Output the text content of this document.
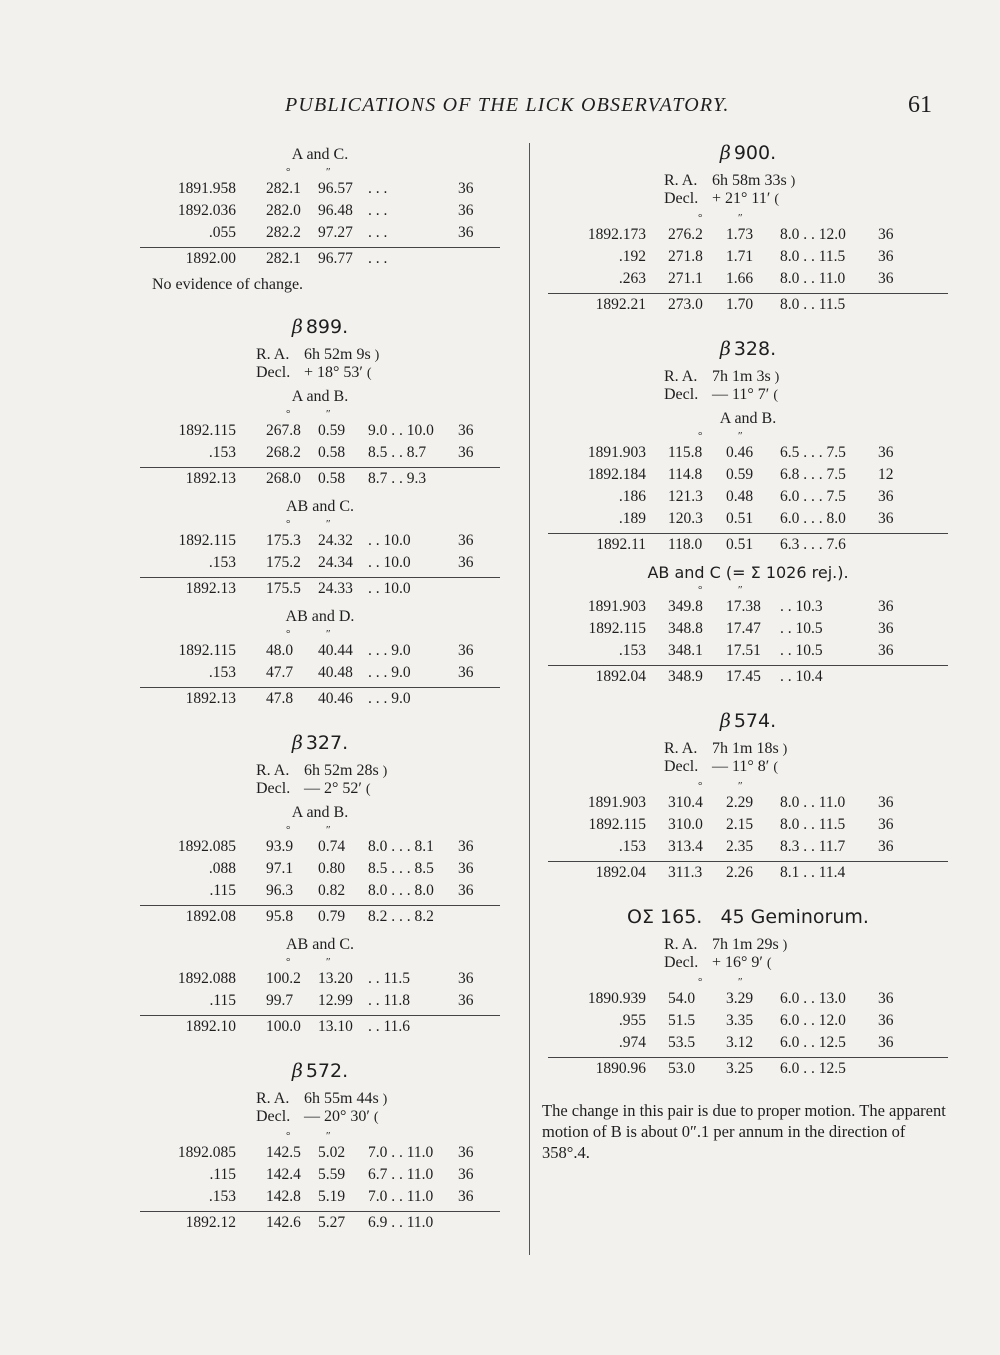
PUBLICATIONS OF THE LICK OBSERVATORY.	61
A and C.
°	″
1891.958 282.1 96.57 . . .	36
1892.036 282.0 96.48 . . .	36
.055 282.2 97.27 . . .	36
1892.00 282.1 96.77 . . .
No evidence of change.
β 899.
R. A. 6h 52m 9s )
Decl. + 18° 53′ (
A and B.
°	″
1892.115 267.8 0.59 9.0 . . 10.0 36
.153 268.2 0.58 8.5 . . 8.7 36
1892.13 268.0 0.58 8.7 . . 9.3
AB and C.
°	″
1892.115 175.3 24.32 . . 10.0	36
.153 175.2 24.34 . . 10.0	36
1892.13 175.5 24.33 . . 10.0
AB and D.
°	″
1892.115 48.0 40.44 . . . 9.0	36
.153 47.7 40.48 . . . 9.0	36
1892.13 47.8 40.46 . . . 9.0
β 327.
R. A. 6h 52m 28s )
Decl. — 2° 52′ (
A and B.
°	″
1892.085 93.9 0.74 8.0 . . . 8.1 36
.088 97.1 0.80 8.5 . . . 8.5 36
.115 96.3 0.82 8.0 . . . 8.0 36
1892.08 95.8 0.79 8.2 . . . 8.2
AB and C.
°	″
1892.088 100.2 13.20 . . 11.5	36
.115 99.7 12.99 . . 11.8	36
1892.10 100.0 13.10 . . 11.6
β 572.
R. A. 6h 55m 44s )
Decl. — 20° 30′ (
°	″
1892.085 142.5 5.02 7.0 . . 11.0 36
.115 142.4 5.59 6.7 . . 11.0 36
.153 142.8 5.19 7.0 . . 11.0 36
1892.12 142.6 5.27 6.9 . . 11.0
β 900.
R. A. 6h 58m 33s )
Decl. + 21° 11′ (
°	″
1892.173 276.2 1.73 8.0 . . 12.0 36
.192 271.8 1.71 8.0 . . 11.5 36
.263 271.1 1.66 8.0 . . 11.0 36
1892.21 273.0 1.70 8.0 . . 11.5
β 328.
R. A. 7h 1m 3s )
Decl. — 11° 7′ (
A and B.
°	″
1891.903 115.8 0.46 6.5 . . . 7.5 36
1892.184 114.8 0.59 6.8 . . . 7.5 12
.186 121.3 0.48 6.0 . . . 7.5 36
.189 120.3 0.51 6.0 . . . 8.0 36
1892.11 118.0 0.51 6.3 . . . 7.6
AB and C (= Σ 1026 rej.).
°	″
1891.903 349.8 17.38 . . 10.3	36
1892.115 348.8 17.47 . . 10.5	36
.153 348.1 17.51 . . 10.5	36
1892.04 348.9 17.45 . . 10.4
β 574.
R. A. 7h 1m 18s )
Decl. — 11° 8′ (
°	″
1891.903 310.4 2.29 8.0 . . 11.0 36
1892.115 310.0 2.15 8.0 . . 11.5 36
.153 313.4 2.35 8.3 . . 11.7 36
1892.04 311.3 2.26 8.1 . . 11.4
OΣ 165.   45 Geminorum.
R. A. 7h 1m 29s )
Decl. + 16° 9′ (
°	″
1890.939 54.0 3.29 6.0 . . 13.0 36
.955 51.5 3.35 6.0 . . 12.0 36
.974 53.5 3.12 6.0 . . 12.5 36
1890.96 53.0 3.25 6.0 . . 12.5
The change in this pair is due to proper motion. The apparent motion of B is about 0″.1 per annum in the direction of 358°.4.
